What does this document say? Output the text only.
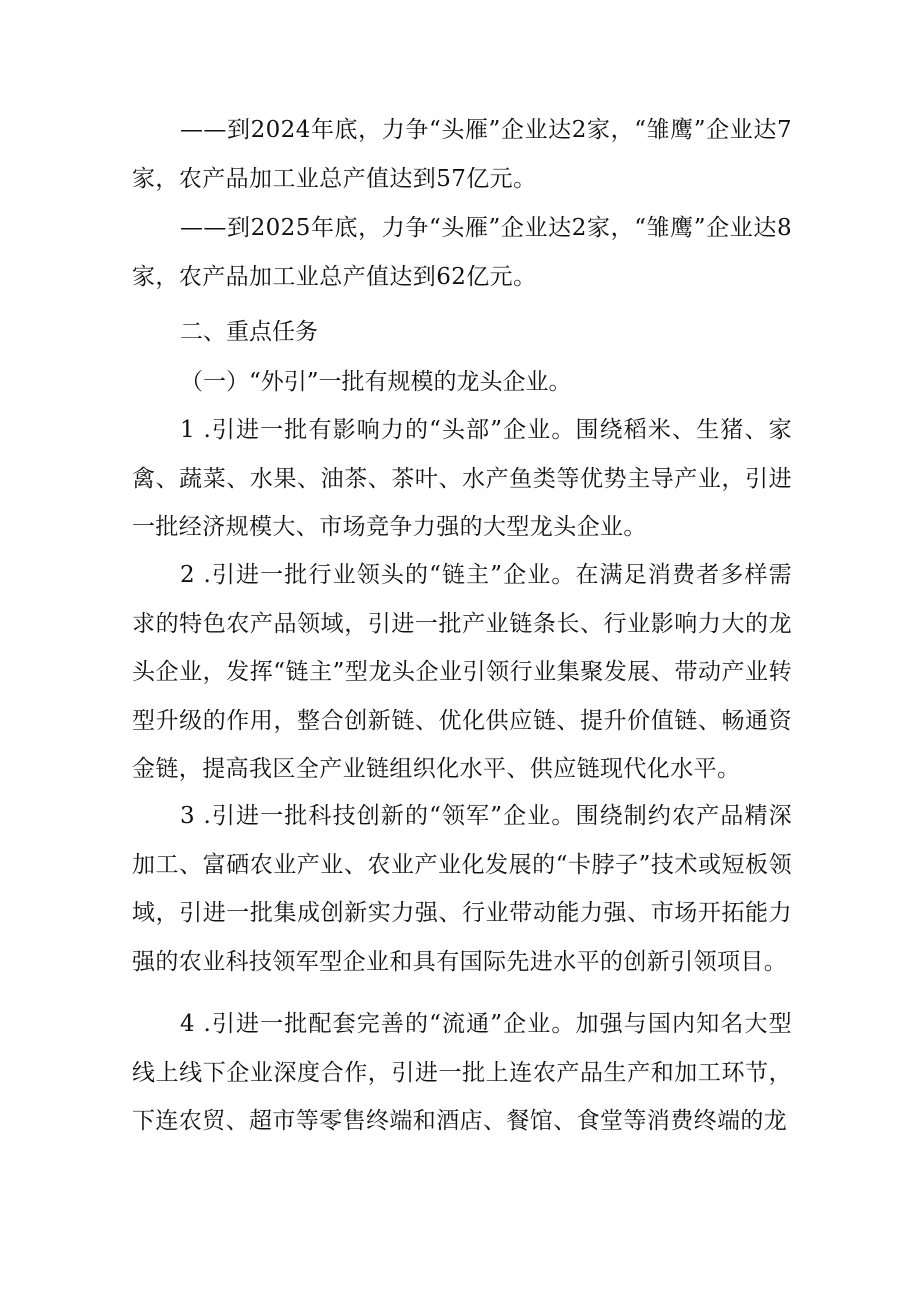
——到2024年底，力争“头雁”企业达2家，“雏鹰”企业达7家，农产品加工业总产值达到57亿元。

——到2025年底，力争“头雁”企业达2家，“雏鹰”企业达8家，农产品加工业总产值达到62亿元。

二、重点任务

（一）“外引”一批有规模的龙头企业。

1 .引进一批有影响力的“头部”企业。围绕稻米、生猪、家禽、蔬菜、水果、油茶、茶叶、水产鱼类等优势主导产业，引进一批经济规模大、市场竞争力强的大型龙头企业。

2 .引进一批行业领头的“链主”企业。在满足消费者多样需求的特色农产品领域，引进一批产业链条长、行业影响力大的龙头企业，发挥“链主”型龙头企业引领行业集聚发展、带动产业转型升级的作用，整合创新链、优化供应链、提升价值链、畅通资金链，提高我区全产业链组织化水平、供应链现代化水平。

3 .引进一批科技创新的“领军”企业。围绕制约农产品精深加工、富硒农业产业、农业产业化发展的“卡脖子”技术或短板领域，引进一批集成创新实力强、行业带动能力强、市场开拓能力强的农业科技领军型企业和具有国际先进水平的创新引领项目。

4 .引进一批配套完善的“流通”企业。加强与国内知名大型线上线下企业深度合作，引进一批上连农产品生产和加工环节，下连农贸、超市等零售终端和酒店、餐馆、食堂等消费终端的龙
